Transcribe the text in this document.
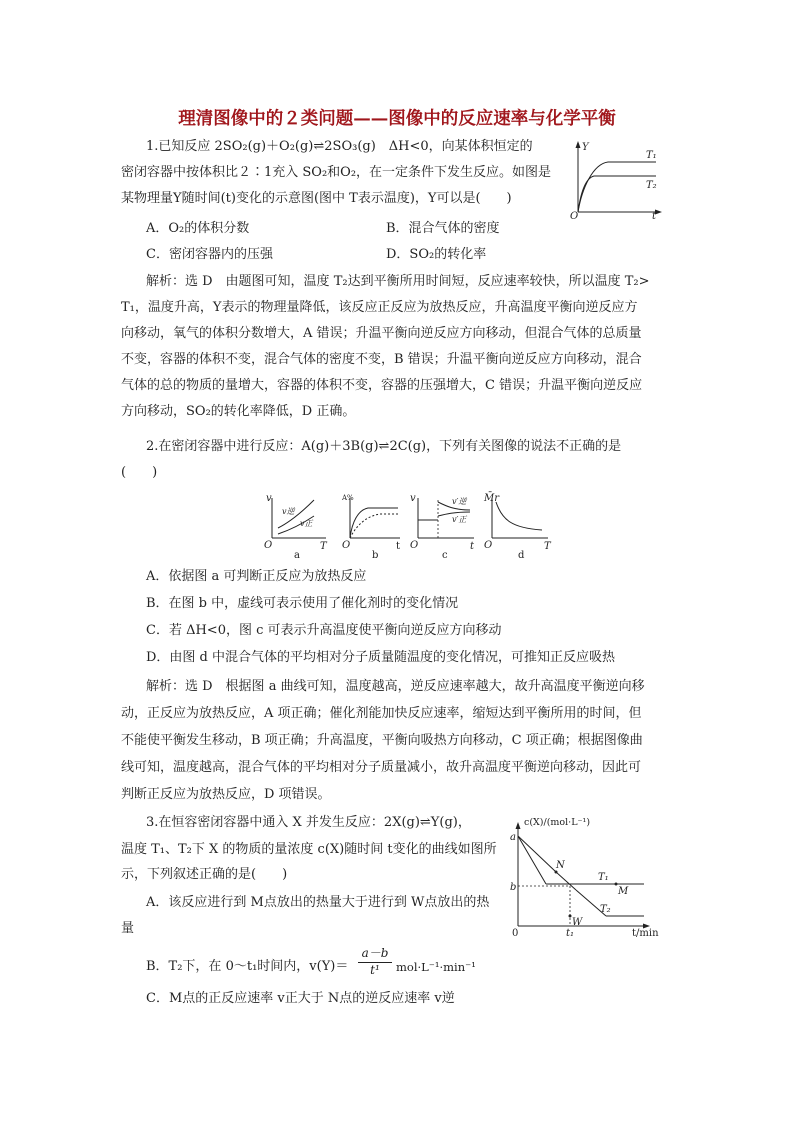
理清图像中的２类问题——图像中的反应速率与化学平衡
1.已知反应 2SO₂(g)＋O₂(g)⇌2SO₃(g)　ΔH<0，向某体积恒定的
密闭容器中按体积比２∶1充入 SO₂和O₂，在一定条件下发生反应。如图是
某物理量Y随时间(t)变化的示意图(图中 T表示温度)，Y可以是(　　)
A．O₂的体积分数	B．混合气体的密度
C．密闭容器内的压强	D．SO₂的转化率
Y
t
O
T₁
T₂
解析：选 D　由题图可知，温度 T₂达到平衡所用时间短，反应速率较快，所以温度 T₂>
T₁，温度升高，Y表示的物理量降低，该反应正反应为放热反应，升高温度平衡向逆反应方
向移动，氧气的体积分数增大，A 错误；升温平衡向逆反应方向移动，但混合气体的总质量
不变，容器的体积不变，混合气体的密度不变，B 错误；升温平衡向逆反应方向移动，混合
气体的总的物质的量增大，容器的体积不变，容器的压强增大，C 错误；升温平衡向逆反应
方向移动，SO₂的转化率降低，D 正确。
2.在密闭容器中进行反应：A(g)＋3B(g)⇌2C(g)，下列有关图像的说法不正确的是
(　　)
v
T
O
v逆
v正
a
A%
t
O
b
v
t
O
v′逆
v′正
c
M̄r
T
O
d
A．依据图 a 可判断正反应为放热反应
B．在图 b 中，虚线可表示使用了催化剂时的变化情况
C．若 ΔH<0，图 c 可表示升高温度使平衡向逆反应方向移动
D．由图 d 中混合气体的平均相对分子质量随温度的变化情况，可推知正反应吸热
解析：选 D　根据图 a 曲线可知，温度越高，逆反应速率越大，故升高温度平衡逆向移
动，正反应为放热反应，A 项正确；催化剂能加快反应速率，缩短达到平衡所用的时间，但
不能使平衡发生移动，B 项正确；升高温度，平衡向吸热方向移动，C 项正确；根据图像曲
线可知，温度越高，混合气体的平均相对分子质量减小，故升高温度平衡逆向移动，因此可
判断正反应为放热反应，D 项错误。
3.在恒容密闭容器中通入 X 并发生反应：2X(g)⇌Y(g)，
温度 T₁、T₂下 X 的物质的量浓度 c(X)随时间 t变化的曲线如图所
示，下列叙述正确的是(　　)
A．该反应进行到 M点放出的热量大于进行到 W点放出的热
量
c(X)/(mol·L⁻¹)
t/min
0
a
b
t₁
N
M
W
T₁
T₂
B．T₂下，在 0～t₁时间内，v(Y)＝
a－b
t¹	mol·L⁻¹·min⁻¹
C．M点的正反应速率 v正大于 N点的逆反应速率 v逆
